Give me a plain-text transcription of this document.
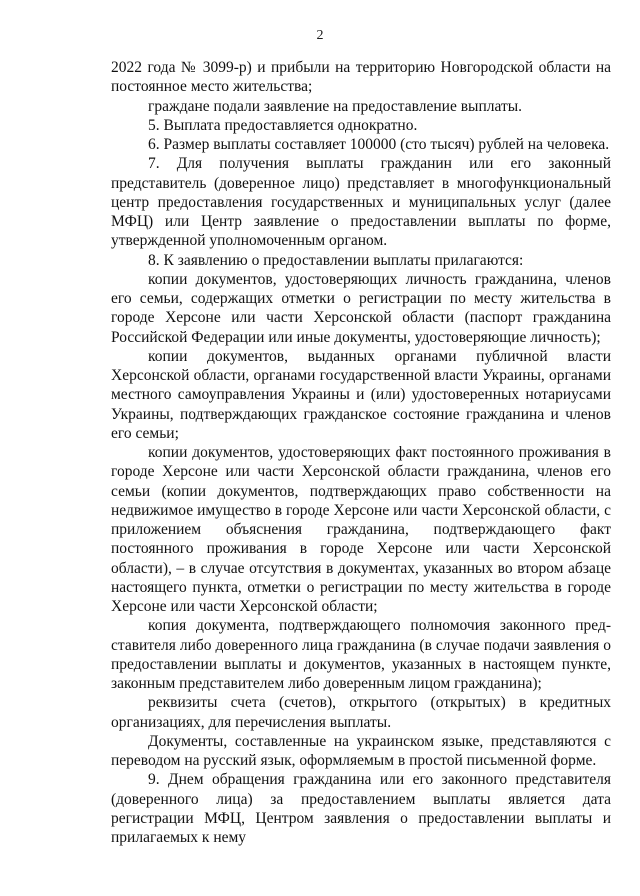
2

2022 года № 3099-р) и прибыли на территорию Новгородской области на постоянное место жительства;

граждане подали заявление на предоставление выплаты.

5. Выплата предоставляется однократно.

6. Размер выплаты составляет 100000 (сто тысяч) рублей на человека.

7. Для получения выплаты гражданин или его законный представитель (доверенное лицо) представляет в многофункциональный центр предоставления государственных и муниципальных услуг (далее МФЦ) или Центр заявление о предоставлении выплаты по форме, утвержденной уполномоченным органом.

8. К заявлению о предоставлении выплаты прилагаются:

копии документов, удостоверяющих личность гражданина, членов его семьи, содержащих отметки о регистрации по месту жительства в городе Херсоне или части Херсонской области (паспорт гражданина Российской Федерации или иные документы, удостоверяющие личность);

копии документов, выданных органами публичной власти Херсонской области, органами государственной власти Украины, органами местного самоуправления Украины и (или) удостоверенных нотариусами Украины, подтверждающих гражданское состояние гражданина и членов его семьи;

копии документов, удостоверяющих факт постоянного проживания в городе Херсоне или части Херсонской области гражданина, членов его семьи (копии документов, подтверждающих право собственности на недвижимое имущество в городе Херсоне или части Херсонской области, с приложением объяснения гражданина, подтверждающего факт постоянного проживания в городе Херсоне или части Херсонской области), – в случае отсутствия в документах, указанных во втором абзаце настоящего пункта, отметки о регистрации по месту жительства в городе Херсоне или части Херсонской области;

копия документа, подтверждающего полномочия законного пред-ставителя либо доверенного лица гражданина (в случае подачи заявления о предоставлении выплаты и документов, указанных в настоящем пункте, законным представителем либо доверенным лицом гражданина);

реквизиты счета (счетов), открытого (открытых) в кредитных организациях, для перечисления выплаты.

Документы, составленные на украинском языке, представляются с переводом на русский язык, оформляемым в простой письменной форме.

9. Днем обращения гражданина или его законного представителя (доверенного лица) за предоставлением выплаты является дата регистрации МФЦ, Центром заявления о предоставлении выплаты и прилагаемых к нему
